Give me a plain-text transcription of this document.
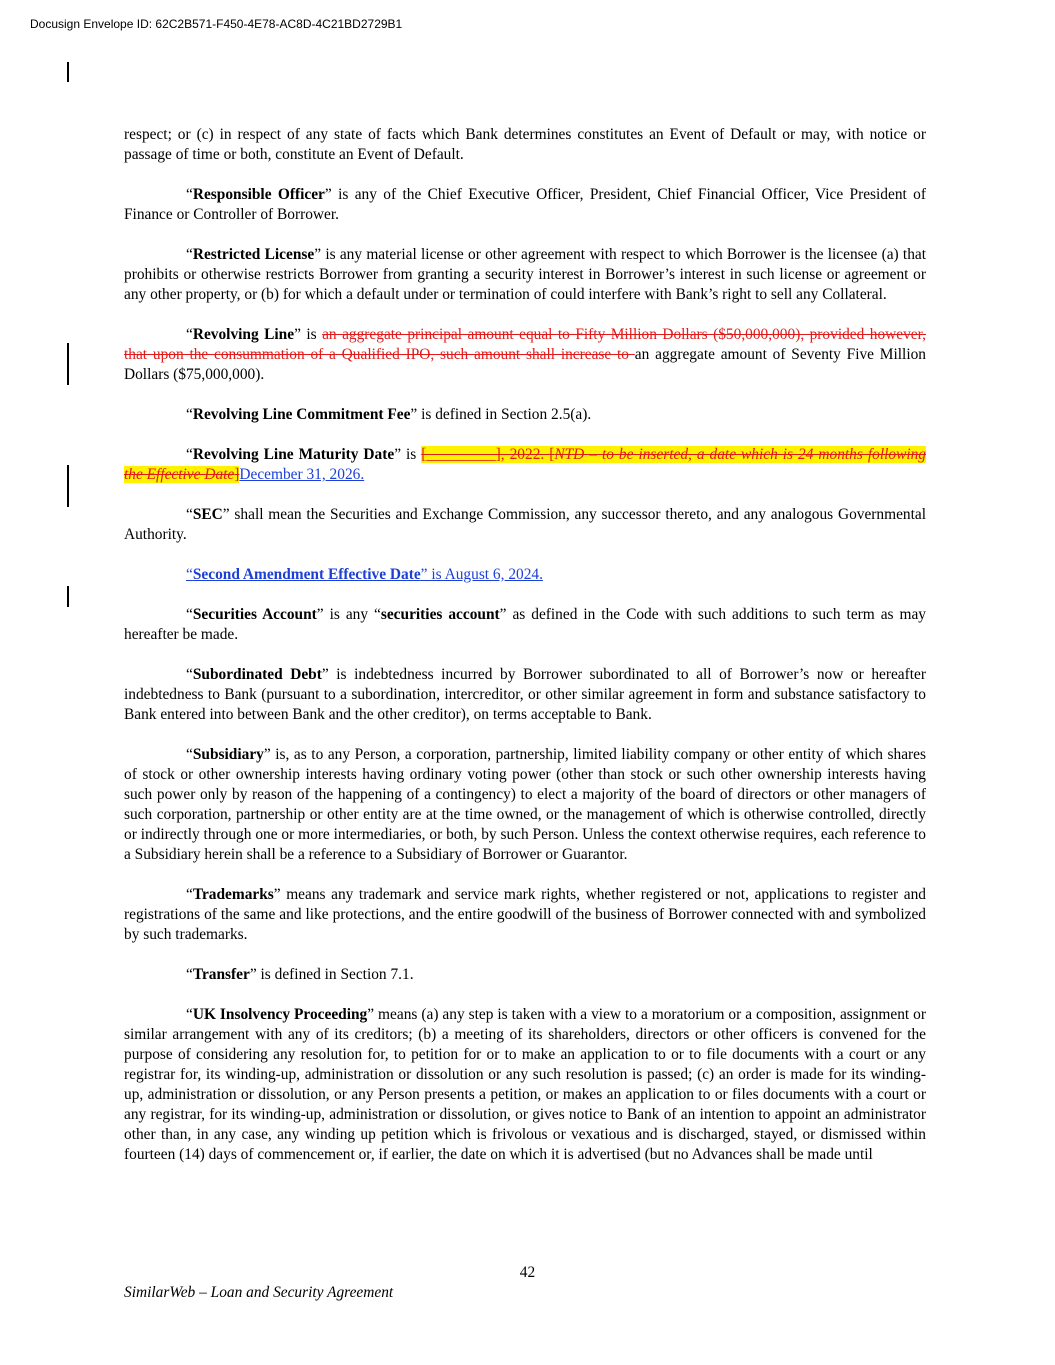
Docusign Envelope ID: 62C2B571-F450-4E78-AC8D-4C21BD2729B1

respect; or (c) in respect of any state of facts which Bank determines constitutes an Event of Default or may, with notice or passage of time or both, constitute an Event of Default.

“Responsible Officer” is any of the Chief Executive Officer, President, Chief Financial Officer, Vice President of Finance or Controller of Borrower.

“Restricted License” is any material license or other agreement with respect to which Borrower is the licensee (a) that prohibits or otherwise restricts Borrower from granting a security interest in Borrower’s interest in such license or agreement or any other property, or (b) for which a default under or termination of could interfere with Bank’s right to sell any Collateral.

“Revolving Line” is an aggregate principal amount equal to Fifty Million Dollars ($50,000,000), provided however, that upon the consummation of a Qualified IPO, such amount shall increase to an aggregate amount of Seventy Five Million Dollars ($75,000,000).

“Revolving Line Commitment Fee” is defined in Section 2.5(a).

“Revolving Line Maturity Date” is [_________], 2022. [NTD – to be inserted, a date which is 24 months following the Effective Date]December 31, 2026.

“SEC” shall mean the Securities and Exchange Commission, any successor thereto, and any analogous Governmental Authority.

“Second Amendment Effective Date” is August 6, 2024.

“Securities Account” is any “securities account” as defined in the Code with such additions to such term as may hereafter be made.

“Subordinated Debt” is indebtedness incurred by Borrower subordinated to all of Borrower’s now or hereafter indebtedness to Bank (pursuant to a subordination, intercreditor, or other similar agreement in form and substance satisfactory to Bank entered into between Bank and the other creditor), on terms acceptable to Bank.

“Subsidiary” is, as to any Person, a corporation, partnership, limited liability company or other entity of which shares of stock or other ownership interests having ordinary voting power (other than stock or such other ownership interests having such power only by reason of the happening of a contingency) to elect a majority of the board of directors or other managers of such corporation, partnership or other entity are at the time owned, or the management of which is otherwise controlled, directly or indirectly through one or more intermediaries, or both, by such Person. Unless the context otherwise requires, each reference to a Subsidiary herein shall be a reference to a Subsidiary of Borrower or Guarantor.

“Trademarks” means any trademark and service mark rights, whether registered or not, applications to register and registrations of the same and like protections, and the entire goodwill of the business of Borrower connected with and symbolized by such trademarks.

“Transfer” is defined in Section 7.1.

“UK Insolvency Proceeding” means (a) any step is taken with a view to a moratorium or a composition, assignment or similar arrangement with any of its creditors; (b) a meeting of its shareholders, directors or other officers is convened for the purpose of considering any resolution for, to petition for or to make an application to or to file documents with a court or any registrar for, its winding-up, administration or dissolution or any such resolution is passed; (c) an order is made for its winding-up, administration or dissolution, or any Person presents a petition, or makes an application to or files documents with a court or any registrar, for its winding-up, administration or dissolution, or gives notice to Bank of an intention to appoint an administrator other than, in any case, any winding up petition which is frivolous or vexatious and is discharged, stayed, or dismissed within fourteen (14) days of commencement or, if earlier, the date on which it is advertised (but no Advances shall be made until

42
SimilarWeb – Loan and Security Agreement
